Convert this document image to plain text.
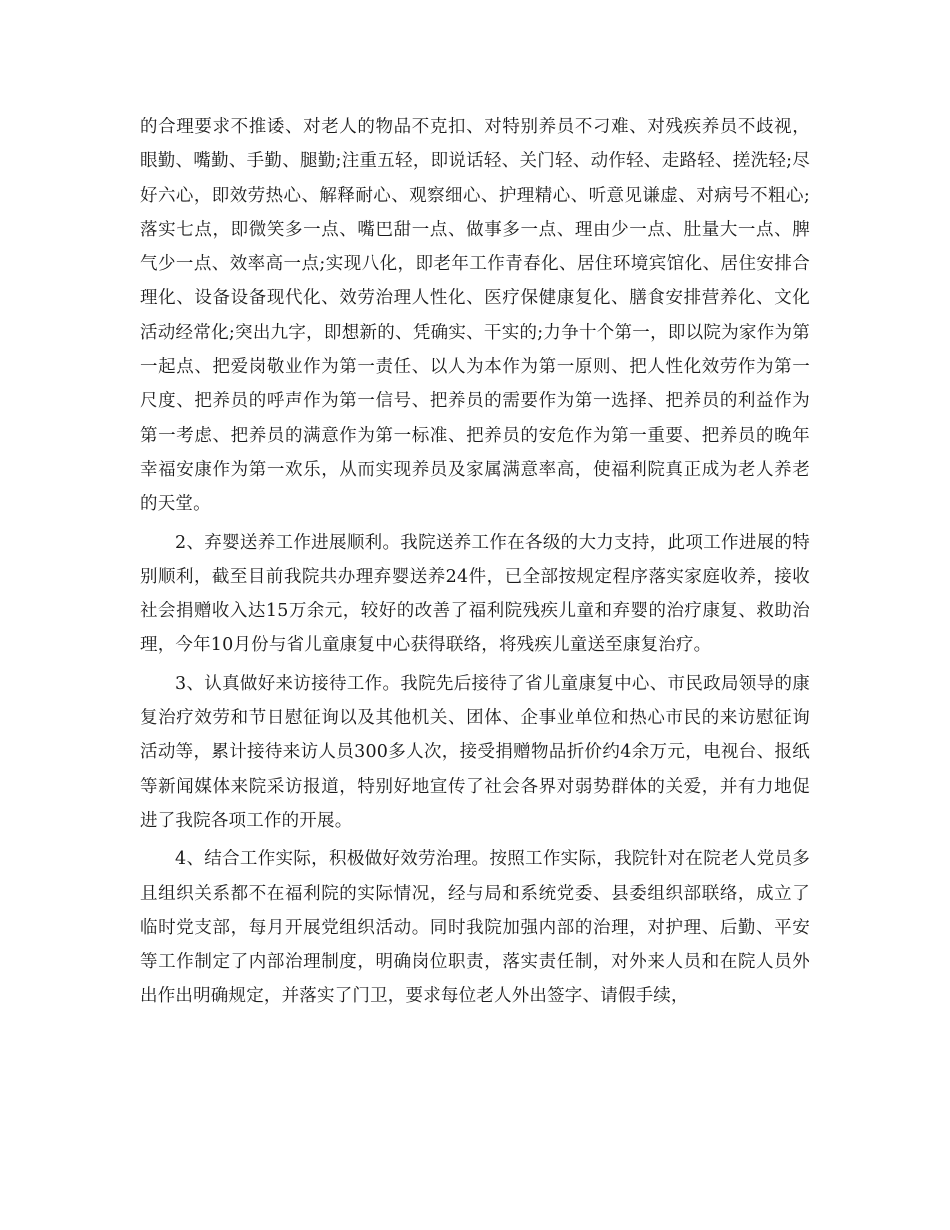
的合理要求不推诿、对老人的物品不克扣、对特别养员不刁难、对残疾养员不歧视，眼勤、嘴勤、手勤、腿勤;注重五轻，即说话轻、关门轻、动作轻、走路轻、搓洗轻;尽好六心，即效劳热心、解释耐心、观察细心、护理精心、听意见谦虚、对病号不粗心;落实七点，即微笑多一点、嘴巴甜一点、做事多一点、理由少一点、肚量大一点、脾气少一点、效率高一点;实现八化，即老年工作青春化、居住环境宾馆化、居住安排合理化、设备设备现代化、效劳治理人性化、医疗保健康复化、膳食安排营养化、文化活动经常化;突出九字，即想新的、凭确实、干实的;力争十个第一，即以院为家作为第一起点、把爱岗敬业作为第一责任、以人为本作为第一原则、把人性化效劳作为第一尺度、把养员的呼声作为第一信号、把养员的需要作为第一选择、把养员的利益作为第一考虑、把养员的满意作为第一标准、把养员的安危作为第一重要、把养员的晚年幸福安康作为第一欢乐，从而实现养员及家属满意率高，使福利院真正成为老人养老的天堂。

2、弃婴送养工作进展顺利。我院送养工作在各级的大力支持，此项工作进展的特别顺利，截至目前我院共办理弃婴送养24件，已全部按规定程序落实家庭收养，接收社会捐赠收入达15万余元，较好的改善了福利院残疾儿童和弃婴的治疗康复、救助治理，今年10月份与省儿童康复中心获得联络，将残疾儿童送至康复治疗。

3、认真做好来访接待工作。我院先后接待了省儿童康复中心、市民政局领导的康复治疗效劳和节日慰征询以及其他机关、团体、企事业单位和热心市民的来访慰征询活动等，累计接待来访人员300多人次，接受捐赠物品折价约4余万元，电视台、报纸等新闻媒体来院采访报道，特别好地宣传了社会各界对弱势群体的关爱，并有力地促进了我院各项工作的开展。

4、结合工作实际，积极做好效劳治理。按照工作实际，我院针对在院老人党员多且组织关系都不在福利院的实际情况，经与局和系统党委、县委组织部联络，成立了临时党支部，每月开展党组织活动。同时我院加强内部的治理，对护理、后勤、平安等工作制定了内部治理制度，明确岗位职责，落实责任制，对外来人员和在院人员外出作出明确规定，并落实了门卫，要求每位老人外出签字、请假手续，
